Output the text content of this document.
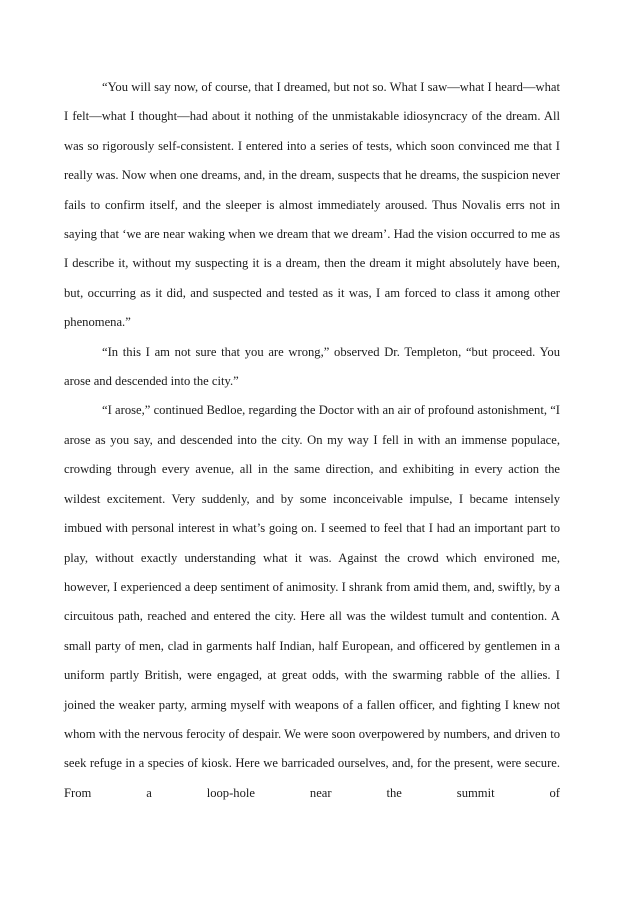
“You will say now, of course, that I dreamed, but not so. What I saw—what I heard—what I felt—what I thought—had about it nothing of the unmistakable idiosyncracy of the dream. All was so rigorously self-consistent. I entered into a series of tests, which soon convinced me that I really was. Now when one dreams, and, in the dream, suspects that he dreams, the suspicion never fails to confirm itself, and the sleeper is almost immediately aroused. Thus Novalis errs not in saying that ‘we are near waking when we dream that we dream’. Had the vision occurred to me as I describe it, without my suspecting it is a dream, then the dream it might absolutely have been, but, occurring as it did, and suspected and tested as it was, I am forced to class it among other phenomena.”

“In this I am not sure that you are wrong,” observed Dr. Templeton, “but proceed. You arose and descended into the city.”

“I arose,” continued Bedloe, regarding the Doctor with an air of profound astonishment, “I arose as you say, and descended into the city. On my way I fell in with an immense populace, crowding through every avenue, all in the same direction, and exhibiting in every action the wildest excitement. Very suddenly, and by some inconceivable impulse, I became intensely imbued with personal interest in what’s going on. I seemed to feel that I had an important part to play, without exactly understanding what it was. Against the crowd which environed me, however, I experienced a deep sentiment of animosity. I shrank from amid them, and, swiftly, by a circuitous path, reached and entered the city. Here all was the wildest tumult and contention. A small party of men, clad in garments half Indian, half European, and officered by gentlemen in a uniform partly British, were engaged, at great odds, with the swarming rabble of the allies. I joined the weaker party, arming myself with weapons of a fallen officer, and fighting I knew not whom with the nervous ferocity of despair. We were soon overpowered by numbers, and driven to seek refuge in a species of kiosk. Here we barricaded ourselves, and, for the present, were secure. From a loop-hole near the summit of
